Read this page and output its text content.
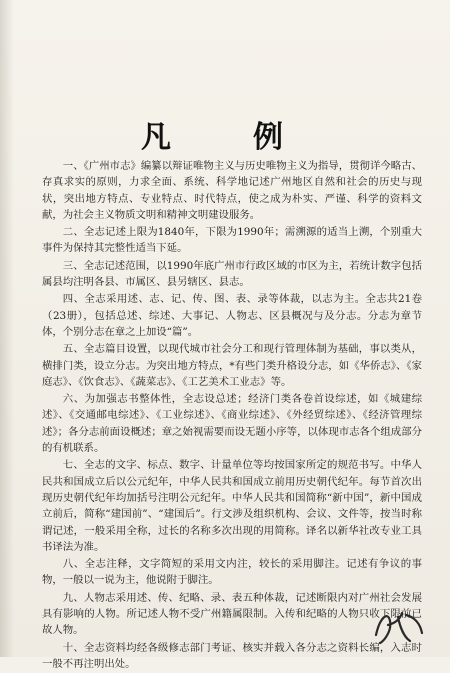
凡　例

一、《广州市志》编纂以辩证唯物主义与历史唯物主义为指导，贯彻详今略古、存真求实的原则，力求全面、系统、科学地记述广州地区自然和社会的历史与现状，突出地方特点、专业特点、时代特点，使之成为朴实、严谨、科学的资料文献，为社会主义物质文明和精神文明建设服务。

二、全志记述上限为1840年，下限为1990年；需溯源的适当上溯，个别重大事件为保持其完整性适当下延。

三、全志记述范围，以1990年底广州市行政区域的市区为主，若统计数字包括属县均注明各县、市属区、县另辖区、县志。

四、全志采用述、志、记、传、图、表、录等体裁，以志为主。全志共21卷（23册），包括总述、综述、大事记、人物志、区县概况与及分志。分志为章节体，个别分志在章之上加设“篇”。

五、全志篇目设置，以现代城市社会分工和现行管理体制为基础，事以类从，横排门类，设立分志。为突出地方特点，*有些门类升格设分志，如《华侨志》、《家庭志》、《饮食志》、《蔬菜志》、《工艺美术工业志》等。

六、为加强志书整体性，全志设总述；经济门类各卷首设综述，如《城建综述》、《交通邮电综述》、《工业综述》、《商业综述》、《外经贸综述》、《经济管理综述》；各分志前面设概述；章之始视需要而设无题小序等，以体现市志各个组成部分的有机联系。

七、全志的文字、标点、数字、计量单位等均按国家所定的规范书写。中华人民共和国成立后以公元纪年，中华人民共和国成立前用历史朝代纪年。每节首次出现历史朝代纪年均加括号注明公元纪年。中华人民共和国简称“新中国”，新中国成立前后，简称“建国前”、“建国后”。行文涉及组织机构、会议、文件等，按当时称谓记述，一般采用全称，过长的名称多次出现的用简称。译名以新华社改专业工具书译法为准。

八、全志注释，文字简短的采用文内注，较长的采用脚注。记述有争议的事物，一般以一说为主，他说附于脚注。

九、人物志采用述、传、纪略、录、表五种体裁，记述断限内对广州社会发展具有影响的人物。所记述人物不受广州籍属限制。入传和纪略的人物只收下限前已故人物。

十、全志资料均经各级修志部门考证、核实并载入各分志之资料长编，入志时一般不再注明出处。
